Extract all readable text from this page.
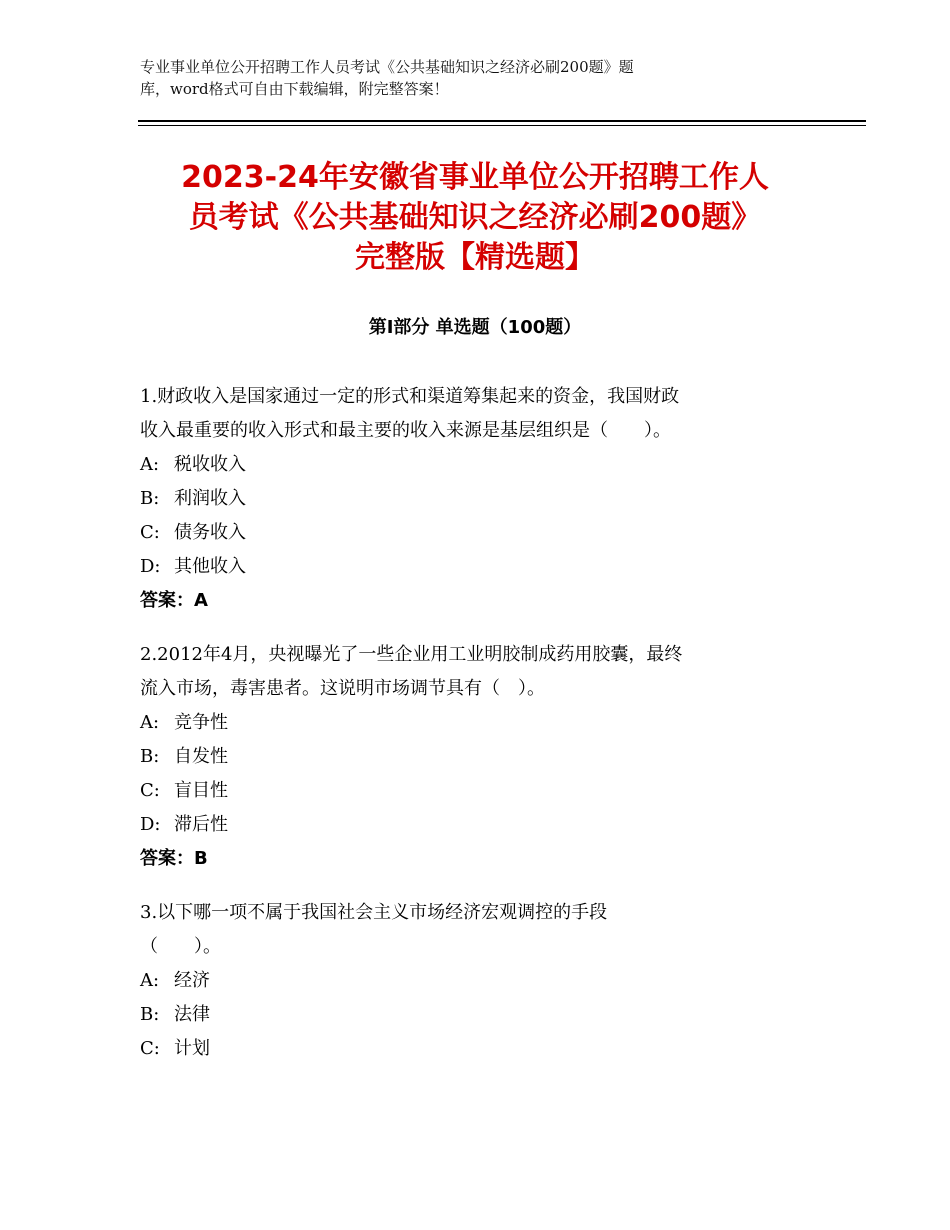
专业事业单位公开招聘工作人员考试《公共基础知识之经济必刷200题》题
库，word格式可自由下载编辑，附完整答案！
2023-24年安徽省事业单位公开招聘工作人
员考试《公共基础知识之经济必刷200题》
完整版【精选题】
第Ⅰ部分 单选题（100题）

1.财政收入是国家通过一定的形式和渠道筹集起来的资金，我国财政

收入最重要的收入形式和最主要的收入来源是基层组织是（　　）。

A: 税收收入

B: 利润收入

C: 债务收入

D: 其他收入

答案：A

2.2012年4月，央视曝光了一些企业用工业明胶制成药用胶囊，最终

流入市场，毒害患者。这说明市场调节具有（　）。

A: 竞争性

B: 自发性

C: 盲目性

D: 滞后性

答案：B

3.以下哪一项不属于我国社会主义市场经济宏观调控的手段

（　　）。

A: 经济

B: 法律

C: 计划
